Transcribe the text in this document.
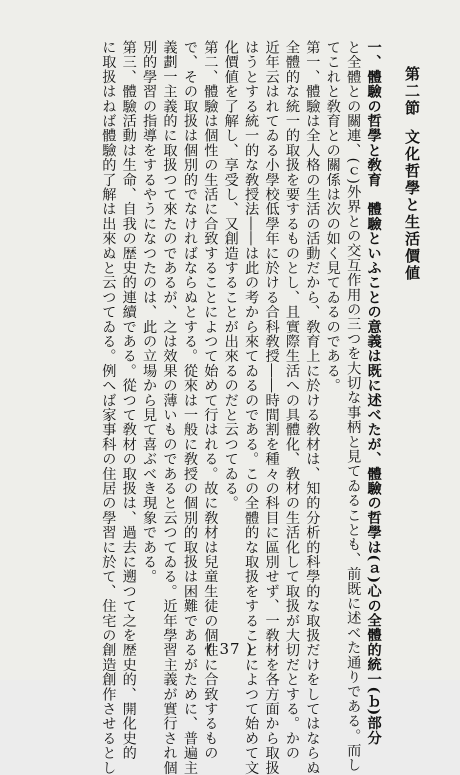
第二節文化哲學と生活價値
一、體驗の哲學と敎育　體驗といふことの意義は既に述べたが、體驗の哲學は(ａ)心の全體的統一(ｂ)部分
と全體との關連、(ｃ)外界との交互作用の三つを大切な事柄と見てゐることも、前既に述べた通りである。而し
てこれと敎育との關係は次の如く見てゐるのである。
第一、體驗は全人格の生活の活動だから、敎育上に於ける敎材は、知的分析的科學的な取扱だけをしてはならぬ
全體的な統一的取扱を要するものとし、且實際生活への具體化、敎材の生活化して取扱が大切だとする。かの
近年云はれてゐる小學校低學年に於ける合科敎授――時間割を種々の科目に區別せず、一敎材を各方面から取扱
はうとする統一的な敎授法――は此の考から來てゐるのである。この全體的な取扱をすることによつて始めて文
化價値を了解し、享受し、又創造することが出來るのだと云つてゐる。
第二、體驗は個性の生活に合致することによつて始めて行はれる。故に敎材は兒童生徒の個性に合致するもの
で、その取扱は個別的でなければならぬとする。從來は一般に敎授の個別的取扱は困難であるがために、普遍主
義劃一主義的に取扱つて來たのであるが、之は效果の薄いものであると云つてゐる。近年學習主義が實行され個
別的學習の指導をするやうになつたのは、此の立場から見て喜ぶべき現象である。
第三、體驗活動は生命、自我の歴史的連續である。從つて敎材の取扱は、過去に遡つて之を歴史的、開化史的
に取扱はねば體驗的了解は出來ぬと云つてゐる。例へば家事科の住居の學習に於て、住宅の創造創作させるとし	( 37 )
